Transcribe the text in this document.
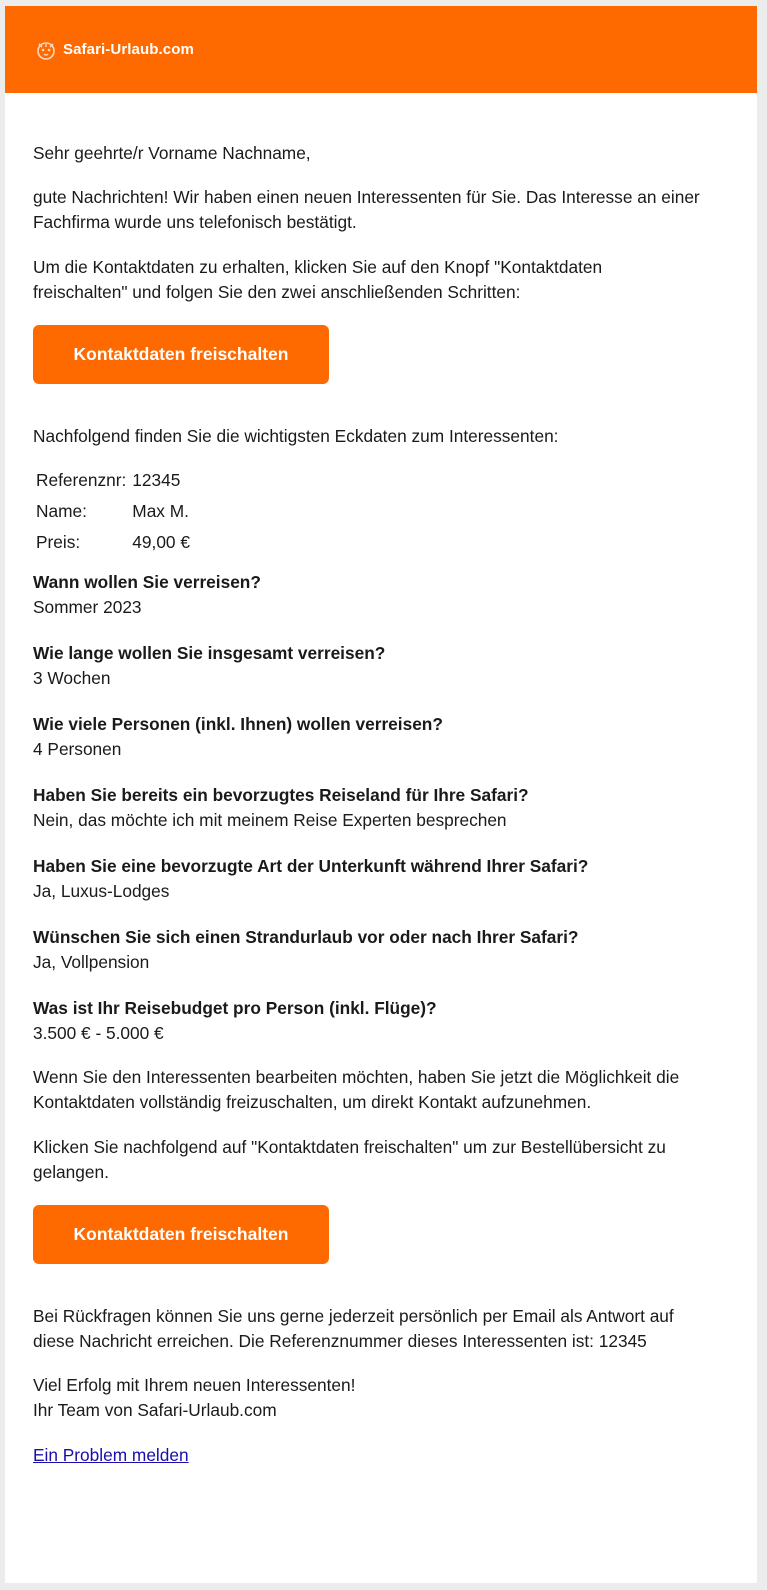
Safari-Urlaub.com

Sehr geehrte/r Vorname Nachname,

gute Nachrichten! Wir haben einen neuen Interessenten für Sie. Das Interesse an einer Fachfirma wurde uns telefonisch bestätigt.

Um die Kontaktdaten zu erhalten, klicken Sie auf den Knopf "Kontaktdaten freischalten" und folgen Sie den zwei anschließenden Schritten:

Kontaktdaten freischalten

Nachfolgend finden Sie die wichtigsten Eckdaten zum Interessenten:

Referenznr:	12345
Name:	Max M.
Preis:	49,00 €
Wann wollen Sie verreisen?
Sommer 2023
Wie lange wollen Sie insgesamt verreisen?
3 Wochen
Wie viele Personen (inkl. Ihnen) wollen verreisen?
4 Personen
Haben Sie bereits ein bevorzugtes Reiseland für Ihre Safari?
Nein, das möchte ich mit meinem Reise Experten besprechen
Haben Sie eine bevorzugte Art der Unterkunft während Ihrer Safari?
Ja, Luxus-Lodges
Wünschen Sie sich einen Strandurlaub vor oder nach Ihrer Safari?
Ja, Vollpension
Was ist Ihr Reisebudget pro Person (inkl. Flüge)?
3.500 € - 5.000 €

Wenn Sie den Interessenten bearbeiten möchten, haben Sie jetzt die Möglichkeit die Kontaktdaten vollständig freizuschalten, um direkt Kontakt aufzunehmen.

Klicken Sie nachfolgend auf "Kontaktdaten freischalten" um zur Bestellübersicht zu gelangen.

Kontaktdaten freischalten

Bei Rückfragen können Sie uns gerne jederzeit persönlich per Email als Antwort auf diese Nachricht erreichen. Die Referenznummer dieses Interessenten ist: 12345

Viel Erfolg mit Ihrem neuen Interessenten!

Ihr Team von Safari-Urlaub.com

Ein Problem melden
